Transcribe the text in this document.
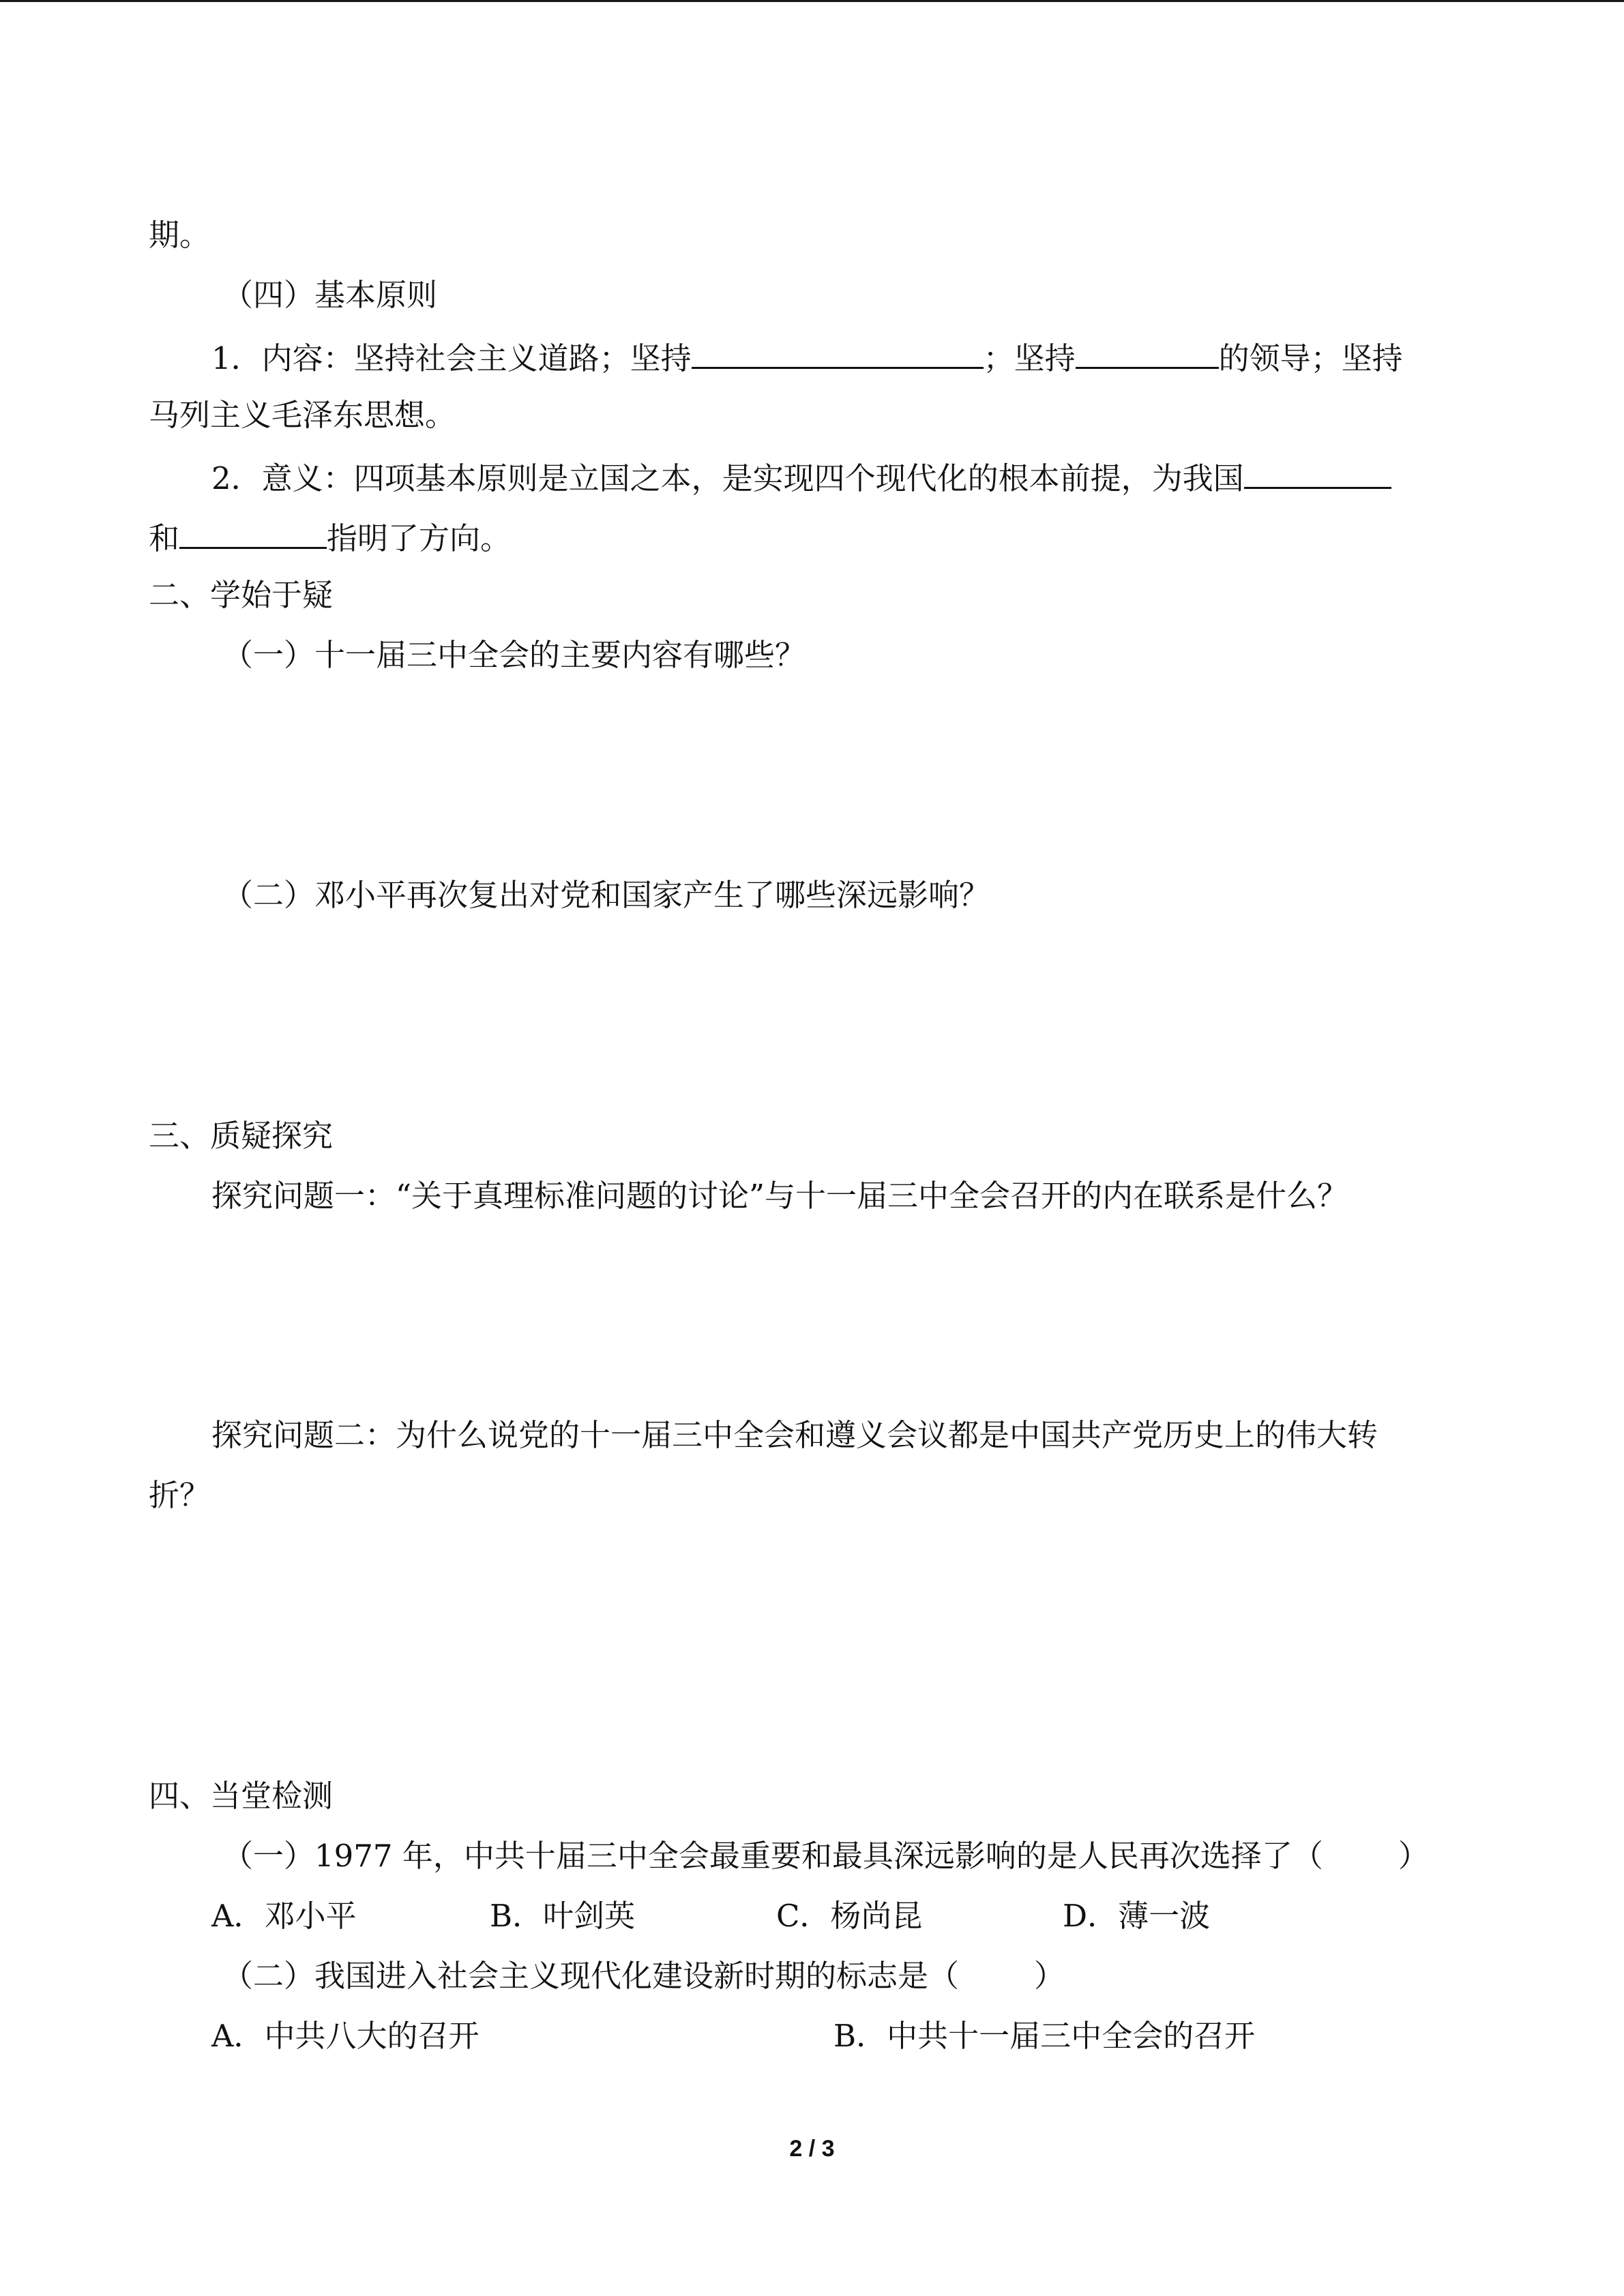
期。
（四）基本原则
1．内容：坚持社会主义道路；坚持	；坚持	的领导；坚持
马列主义毛泽东思想。
2．意义：四项基本原则是立国之本，是实现四个现代化的根本前提，为我国
和	指明了方向。
二、学始于疑
（一）十一届三中全会的主要内容有哪些？
（二）邓小平再次复出对党和国家产生了哪些深远影响？
三、质疑探究
探究问题一：“关于真理标准问题的讨论”与十一届三中全会召开的内在联系是什么？
探究问题二：为什么说党的十一届三中全会和遵义会议都是中国共产党历史上的伟大转
折？
四、当堂检测
（一）1977 年，中共十届三中全会最重要和最具深远影响的是人民再次选择了（ ）
A．邓小平	B．叶剑英	C．杨尚昆	D．薄一波
（二）我国进入社会主义现代化建设新时期的标志是（ ）
A．中共八大的召开	B．中共十一届三中全会的召开
2 / 3
